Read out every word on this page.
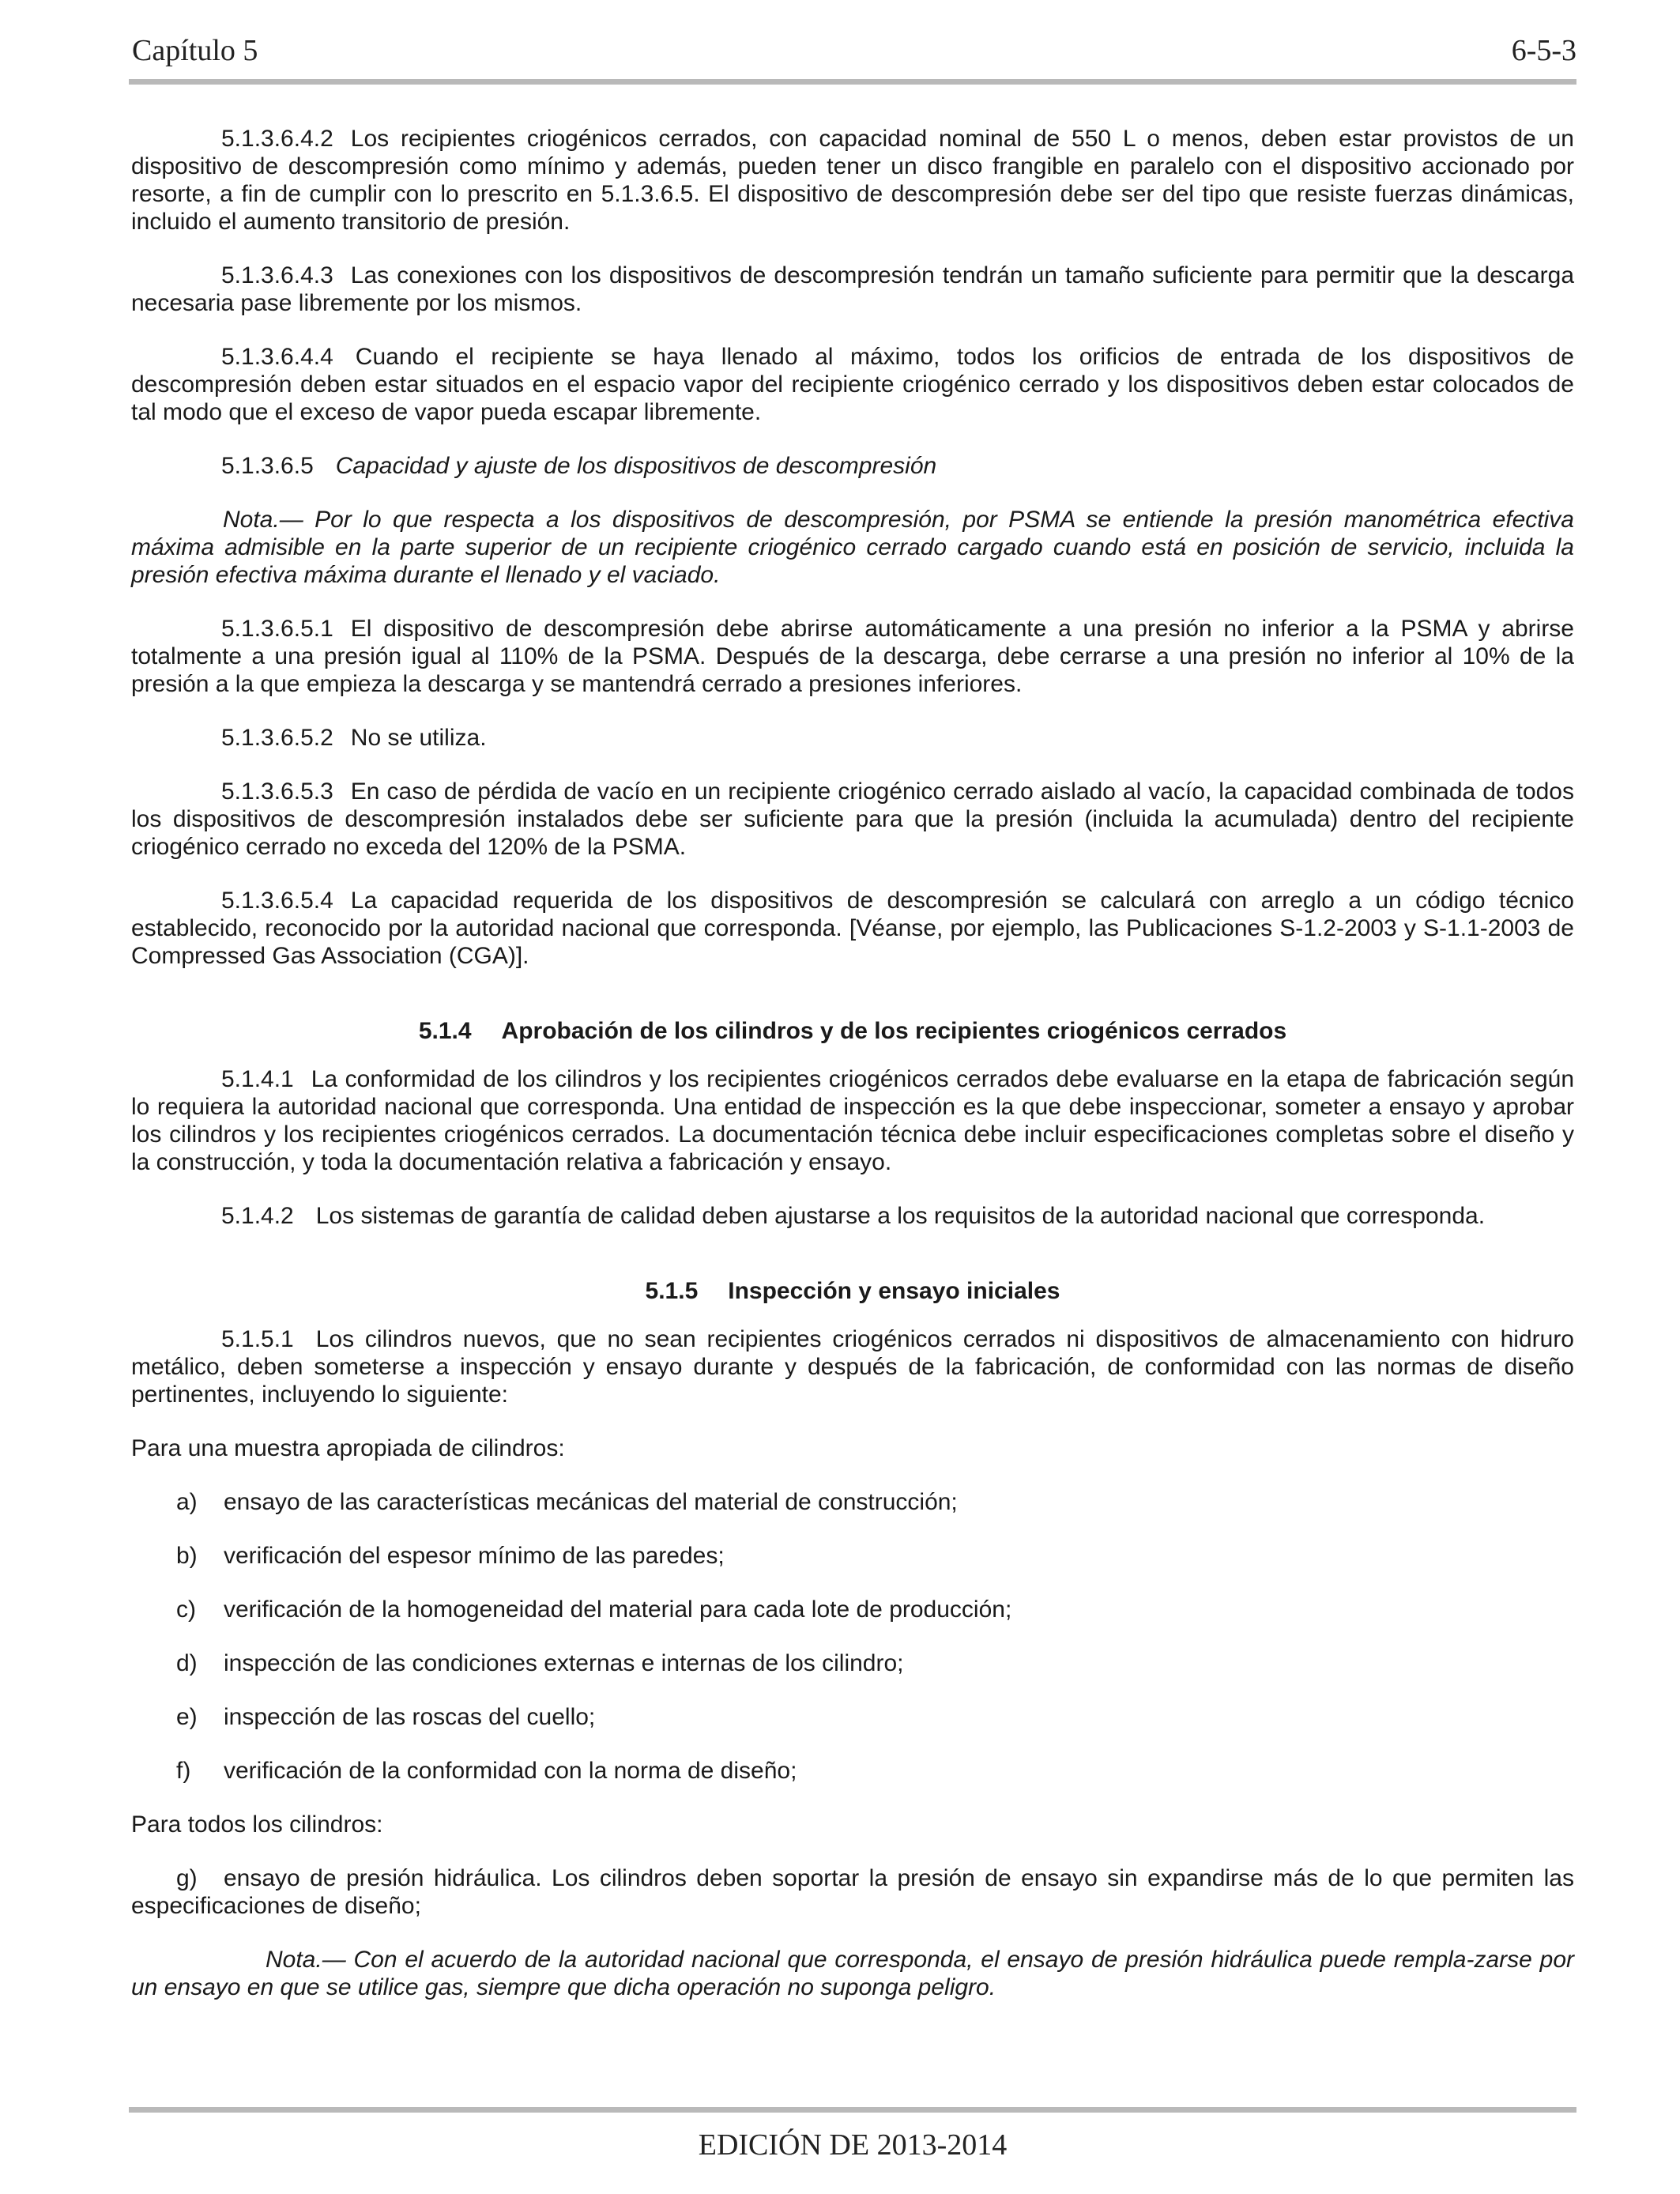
Capítulo 5	6-5-3

5.1.3.6.4.2 Los recipientes criogénicos cerrados, con capacidad nominal de 550 L o menos, deben estar provistos de un dispositivo de descompresión como mínimo y además, pueden tener un disco frangible en paralelo con el dispositivo accionado por resorte, a fin de cumplir con lo prescrito en 5.1.3.6.5. El dispositivo de descompresión debe ser del tipo que resiste fuerzas dinámicas, incluido el aumento transitorio de presión.

5.1.3.6.4.3 Las conexiones con los dispositivos de descompresión tendrán un tamaño suficiente para permitir que la descarga necesaria pase libremente por los mismos.

5.1.3.6.4.4 Cuando el recipiente se haya llenado al máximo, todos los orificios de entrada de los dispositivos de descompresión deben estar situados en el espacio vapor del recipiente criogénico cerrado y los dispositivos deben estar colocados de tal modo que el exceso de vapor pueda escapar libremente.

5.1.3.6.5 Capacidad y ajuste de los dispositivos de descompresión

Nota.— Por lo que respecta a los dispositivos de descompresión, por PSMA se entiende la presión manométrica efectiva máxima admisible en la parte superior de un recipiente criogénico cerrado cargado cuando está en posición de servicio, incluida la presión efectiva máxima durante el llenado y el vaciado.

5.1.3.6.5.1 El dispositivo de descompresión debe abrirse automáticamente a una presión no inferior a la PSMA y abrirse totalmente a una presión igual al 110% de la PSMA. Después de la descarga, debe cerrarse a una presión no inferior al 10% de la presión a la que empieza la descarga y se mantendrá cerrado a presiones inferiores.

5.1.3.6.5.2 No se utiliza.

5.1.3.6.5.3 En caso de pérdida de vacío en un recipiente criogénico cerrado aislado al vacío, la capacidad combinada de todos los dispositivos de descompresión instalados debe ser suficiente para que la presión (incluida la acumulada) dentro del recipiente criogénico cerrado no exceda del 120% de la PSMA.

5.1.3.6.5.4 La capacidad requerida de los dispositivos de descompresión se calculará con arreglo a un código técnico establecido, reconocido por la autoridad nacional que corresponda. [Véanse, por ejemplo, las Publicaciones S-1.2-2003 y S-1.1-2003 de Compressed Gas Association (CGA)].

5.1.4 Aprobación de los cilindros y de los recipientes criogénicos cerrados

5.1.4.1 La conformidad de los cilindros y los recipientes criogénicos cerrados debe evaluarse en la etapa de fabricación según lo requiera la autoridad nacional que corresponda. Una entidad de inspección es la que debe inspeccionar, someter a ensayo y aprobar los cilindros y los recipientes criogénicos cerrados. La documentación técnica debe incluir especificaciones completas sobre el diseño y la construcción, y toda la documentación relativa a fabricación y ensayo.

5.1.4.2 Los sistemas de garantía de calidad deben ajustarse a los requisitos de la autoridad nacional que corresponda.

5.1.5 Inspección y ensayo iniciales

5.1.5.1 Los cilindros nuevos, que no sean recipientes criogénicos cerrados ni dispositivos de almacenamiento con hidruro metálico, deben someterse a inspección y ensayo durante y después de la fabricación, de conformidad con las normas de diseño pertinentes, incluyendo lo siguiente:

Para una muestra apropiada de cilindros:

a)	ensayo de las características mecánicas del material de construcción;
b)	verificación del espesor mínimo de las paredes;
c)	verificación de la homogeneidad del material para cada lote de producción;
d)	inspección de las condiciones externas e internas de los cilindro;
e)	inspección de las roscas del cuello;
f)	verificación de la conformidad con la norma de diseño;

Para todos los cilindros:

g) ensayo de presión hidráulica. Los cilindros deben soportar la presión de ensayo sin expandirse más de lo que permiten las especificaciones de diseño;

Nota.— Con el acuerdo de la autoridad nacional que corresponda, el ensayo de presión hidráulica puede rempla-zarse por un ensayo en que se utilice gas, siempre que dicha operación no suponga peligro.

EDICIÓN DE 2013-2014
